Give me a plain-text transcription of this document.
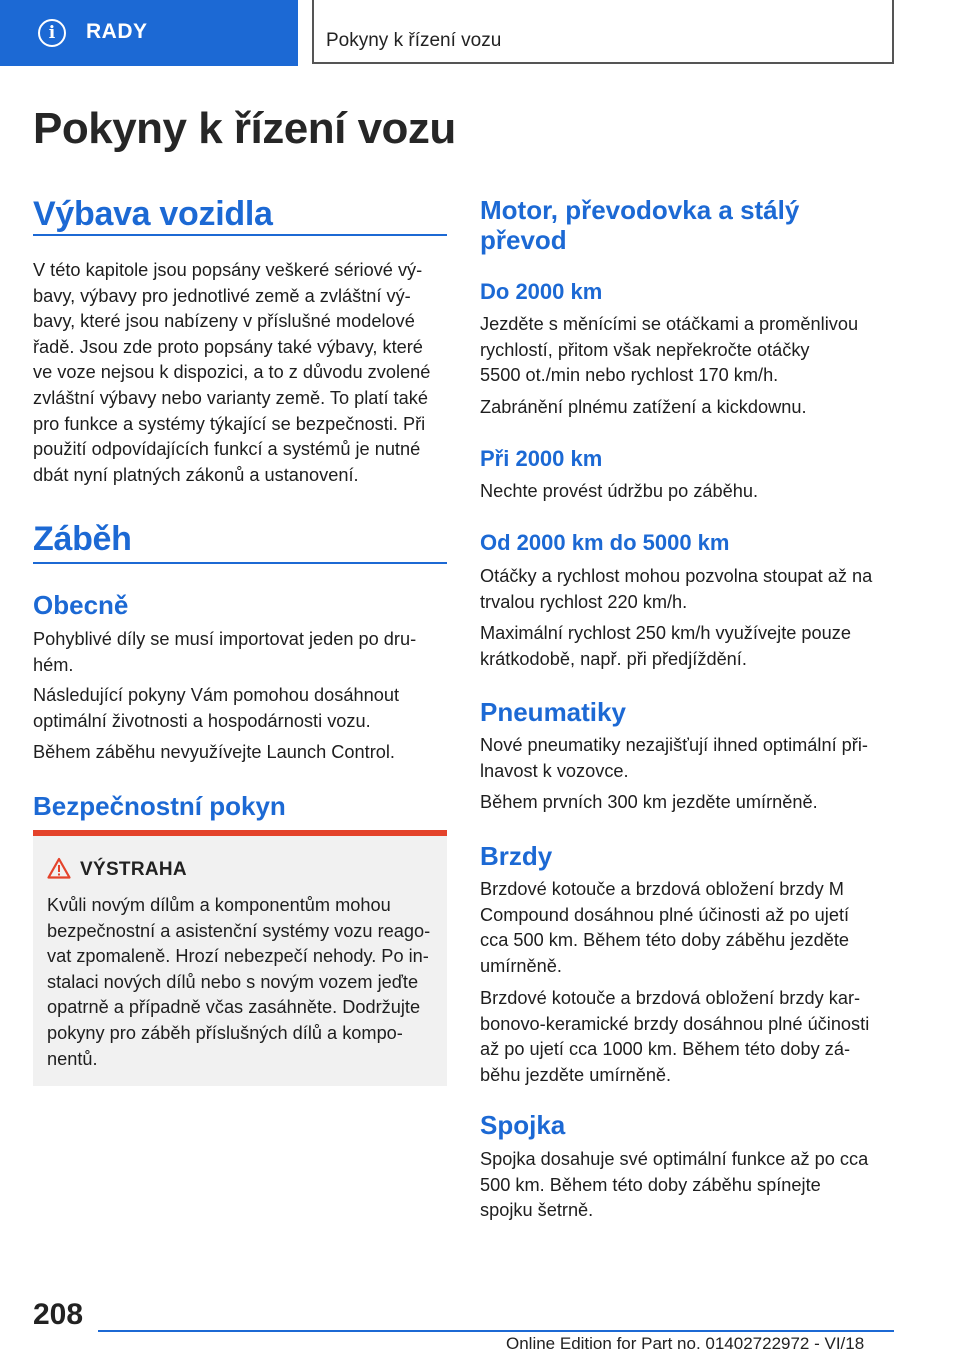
i	RADY	Pokyny k řízení vozu
Pokyny k řízení vozu
Výbava vozidla
V této kapitole jsou popsány veškeré sériové vý‐
bavy, výbavy pro jednotlivé země a zvláštní vý‐
bavy, které jsou nabízeny v příslušné modelové
řadě. Jsou zde proto popsány také výbavy, které
ve voze nejsou k dispozici, a to z důvodu zvolené
zvláštní výbavy nebo varianty země. To platí také
pro funkce a systémy týkající se bezpečnosti. Při
použití odpovídajících funkcí a systémů je nutné
dbát nyní platných zákonů a ustanovení.
Záběh
Obecně
Pohyblivé díly se musí importovat jeden po dru‐
hém.
Následující pokyny Vám pomohou dosáhnout
optimální životnosti a hospodárnosti vozu.
Během záběhu nevyužívejte Launch Control.
Bezpečnostní pokyn
VÝSTRAHA
Kvůli novým dílům a komponentům mohou
bezpečnostní a asistenční systémy vozu reago‐
vat zpomaleně. Hrozí nebezpečí nehody. Po in‐
stalaci nových dílů nebo s novým vozem jeďte
opatrně a případně včas zasáhněte. Dodržujte
pokyny pro záběh příslušných dílů a kompo‐
nentů.
Motor, převodovka a stálý
převod
Do 2000 km
Jezděte s měnícími se otáčkami a proměnlivou
rychlostí, přitom však nepřekročte otáčky
5500 ot./min nebo rychlost 170 km/h.
Zabránění plnému zatížení a kickdownu.
Při 2000 km
Nechte provést údržbu po záběhu.
Od 2000 km do 5000 km
Otáčky a rychlost mohou pozvolna stoupat až na
trvalou rychlost 220 km/h.
Maximální rychlost 250 km/h využívejte pouze
krátkodobě, např. při předjíždění.
Pneumatiky
Nové pneumatiky nezajišťují ihned optimální při‐
lnavost k vozovce.
Během prvních 300 km jezděte umírněně.
Brzdy
Brzdové kotouče a brzdová obložení brzdy M
Compound dosáhnou plné účinosti až po ujetí
cca 500 km. Během této doby záběhu jezděte
umírněně.
Brzdové kotouče a brzdová obložení brzdy kar‐
bonovo-keramické brzdy dosáhnou plné účinosti
až po ujetí cca 1000 km. Během této doby zá‐
běhu jezděte umírněně.
Spojka
Spojka dosahuje své optimální funkce až po cca
500 km. Během této doby záběhu spínejte
spojku šetrně.
208
Online Edition for Part no. 01402722972 - VI/18
